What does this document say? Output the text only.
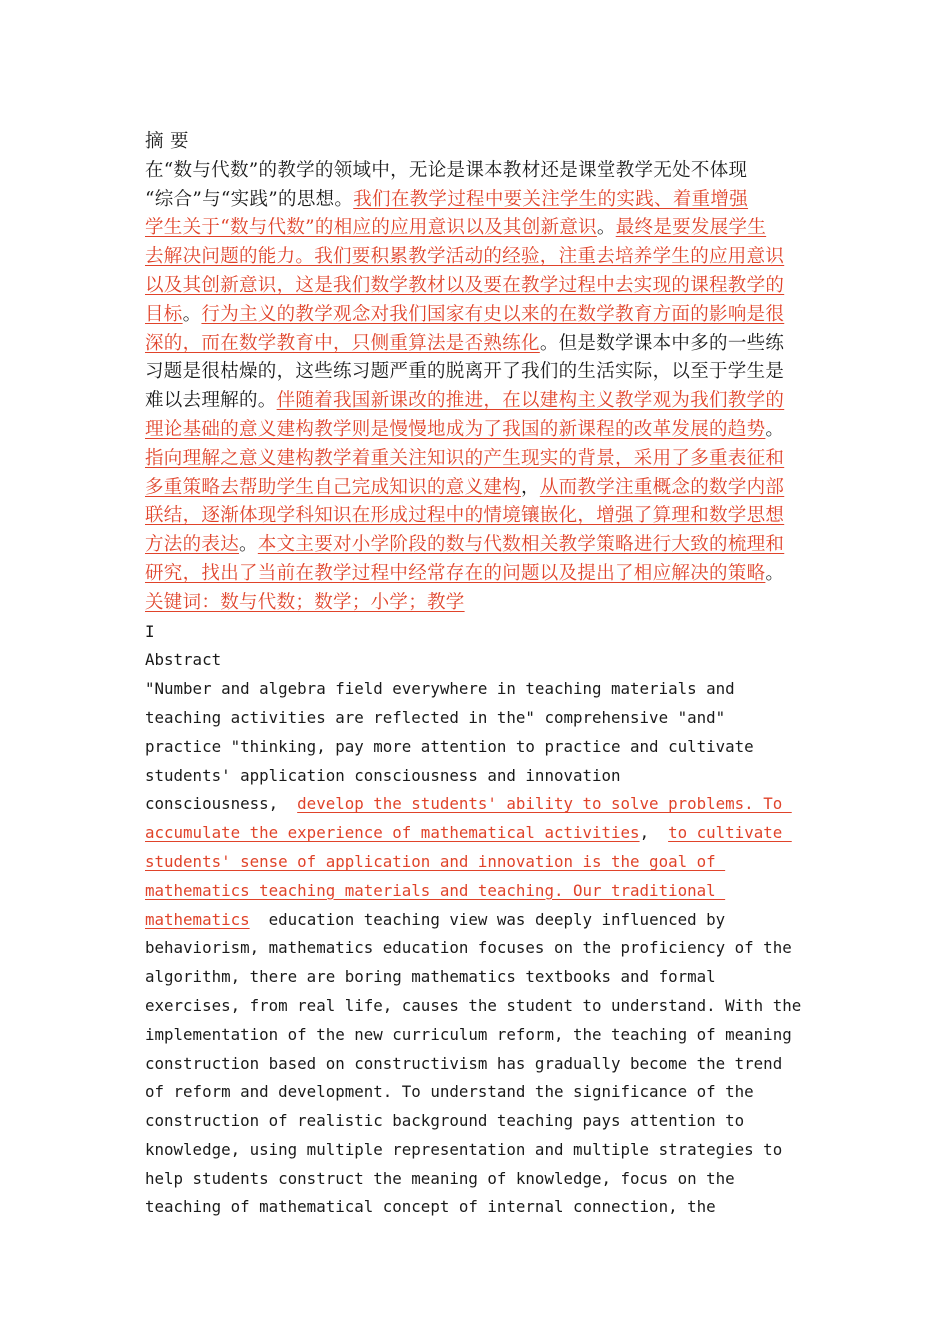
摘 要
在“数与代数”的教学的领域中，无论是课本教材还是课堂教学无处不体现
“综合”与“实践”的思想。我们在教学过程中要关注学生的实践、着重增强
学生关于“数与代数”的相应的应用意识以及其创新意识。最终是要发展学生
去解决问题的能力。我们要积累教学活动的经验，注重去培养学生的应用意识
以及其创新意识，这是我们数学教材以及要在教学过程中去实现的课程教学的
目标。行为主义的教学观念对我们国家有史以来的在数学教育方面的影响是很
深的，而在数学教育中，只侧重算法是否熟练化。但是数学课本中多的一些练
习题是很枯燥的，这些练习题严重的脱离开了我们的生活实际，以至于学生是
难以去理解的。伴随着我国新课改的推进，在以建构主义教学观为我们教学的
理论基础的意义建构教学则是慢慢地成为了我国的新课程的改革发展的趋势。
指向理解之意义建构教学着重关注知识的产生现实的背景，采用了多重表征和
多重策略去帮助学生自己完成知识的意义建构，从而教学注重概念的数学内部
联结，逐渐体现学科知识在形成过程中的情境镶嵌化，增强了算理和数学思想
方法的表达。本文主要对小学阶段的数与代数相关教学策略进行大致的梳理和
研究，找出了当前在教学过程中经常存在的问题以及提出了相应解决的策略。
关键词：数与代数；数学；小学；教学
I
Abstract
"Number and algebra field everywhere in teaching materials and
teaching activities are reflected in the" comprehensive "and"
practice "thinking, pay more attention to practice and cultivate
students' application consciousness and innovation
consciousness,  develop the students' ability to solve problems. To
accumulate the experience of mathematical activities,  to cultivate
students' sense of application and innovation is the goal of
mathematics teaching materials and teaching. Our traditional
mathematics  education teaching view was deeply influenced by
behaviorism, mathematics education focuses on the proficiency of the
algorithm, there are boring mathematics textbooks and formal
exercises, from real life, causes the student to understand. With the
implementation of the new curriculum reform, the teaching of meaning
construction based on constructivism has gradually become the trend
of reform and development. To understand the significance of the
construction of realistic background teaching pays attention to
knowledge, using multiple representation and multiple strategies to
help students construct the meaning of knowledge, focus on the
teaching of mathematical concept of internal connection, the
